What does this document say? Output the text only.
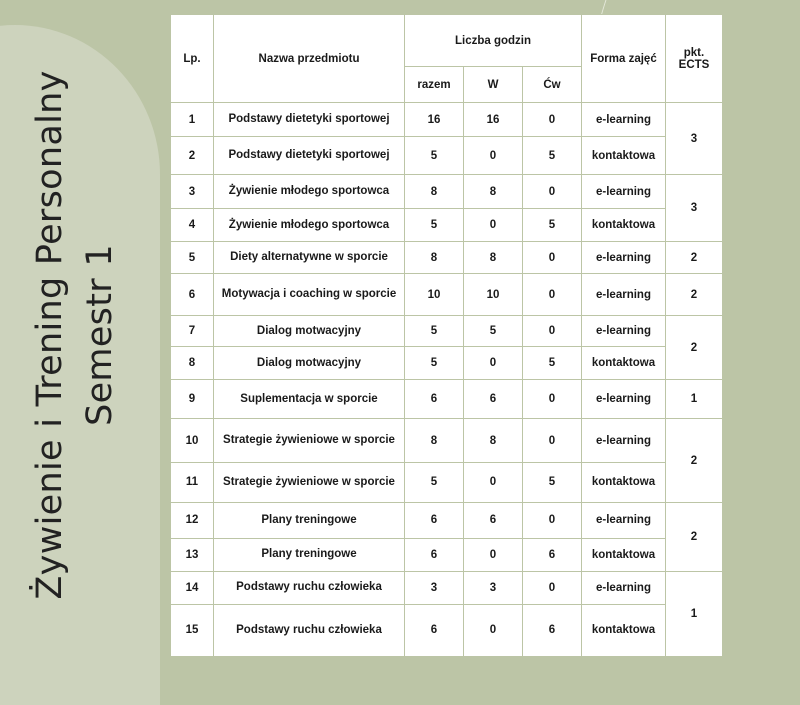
Żywienie i Trening Personalny Semestr 1
Lp.	Nazwa przedmiotu	Liczba godzin			Forma zajęć	pkt.
ECTS
		razem	W	Ćw		
1	Podstawy dietetyki sportowej	16	16	0	e-learning	3
2	Podstawy dietetyki sportowej	5	0	5	kontaktowa	
3	Żywienie młodego sportowca	8	8	0	e-learning	3
4	Żywienie młodego sportowca	5	0	5	kontaktowa	
5	Diety alternatywne w sporcie	8	8	0	e-learning	2
6	Motywacja i coaching w sporcie	10	10	0	e-learning	2
7	Dialog motwacyjny	5	5	0	e-learning	2
8	Dialog motwacyjny	5	0	5	kontaktowa	
9	Suplementacja w sporcie	6	6	0	e-learning	1
10	Strategie żywieniowe w sporcie	8	8	0	e-learning	2
11	Strategie żywieniowe w sporcie	5	0	5	kontaktowa	
12	Plany treningowe	6	6	0	e-learning	2
13	Plany treningowe	6	0	6	kontaktowa	
14	Podstawy ruchu człowieka	3	3	0	e-learning	1
15	Podstawy ruchu człowieka	6	0	6	kontaktowa	
